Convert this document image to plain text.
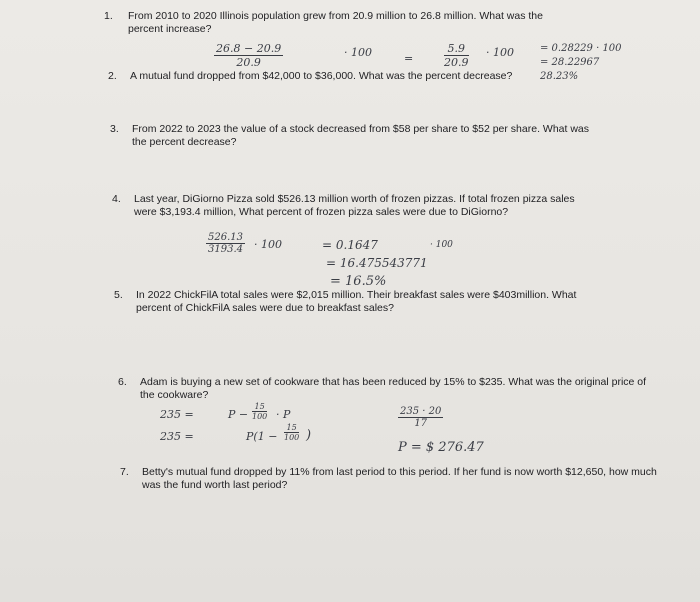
1. From 2010 to 2020 Illinois population grew from 20.9 million to 26.8 million. What was the percent increase?
$\frac{26.8 - 20.9}{20.9}$	· 100	=	$\frac{5.9}{20.9} \cdot 100$	= 0.28229 · 100
= 28.22967
28.23%
2. A mutual fund dropped from $42,000 to $36,000. What was the percent decrease?
3. From 2022 to 2023 the value of a stock decreased from $58 per share to $52 per share. What was the percent decrease?
4. Last year, DiGiorno Pizza sold $526.13 million worth of frozen pizzas. If total frozen pizza sales were $3,193.4 million, What percent of frozen pizza sales were due to DiGiorno?
$\frac{526.13}{3193.4} \cdot 100$	= 0.1647	· 100
= 16.475543771
= 16.5%
5. In 2022 ChickFilA total sales were $2,015 million. Their breakfast sales were $403million. What percent of ChickFilA sales were due to breakfast sales?
6. Adam is buying a new set of cookware that has been reduced by 15% to $235. What was the original price of the cookware?
235 =	$P - \frac{15}{100} \cdot P$
235 =	$P(1 - \frac{15}{100}$ )
$\frac{235 \cdot 20}{17}$
P = $ 276.47
7. Betty's mutual fund dropped by 11% from last period to this period. If her fund is now worth $12,650, how much was the fund worth last period?
